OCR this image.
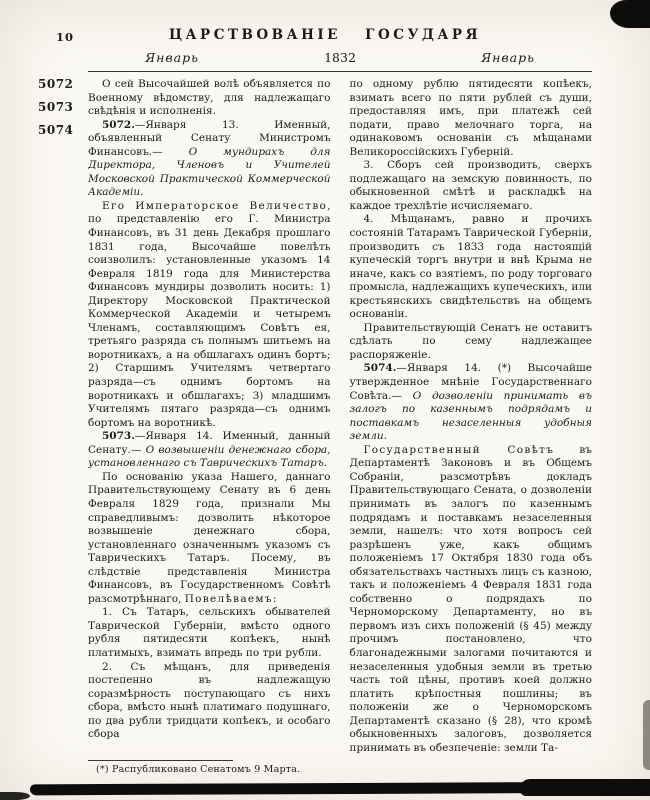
10	ЦАРСТВОВАНІЕ ГОСУДАРЯ
Январь	1832	Январь
5072
5073
5074

О сей Высочайшей волѣ объявляется по Военному вѣдомству, для надлежащаго свѣдѣнія и исполненія.

5072.—Января 13. Именный, объявленный Сенату Министромъ Финансовъ.— О мундирахъ для Директора, Членовъ и Учителей Московской Практической Коммерческой Академіи.

Его Императорское Величество, по представленію его Г. Министра Финансовъ, въ 31 день Декабря прошлаго 1831 года, Высочайше повелѣть соизволилъ: установленные указомъ 14 Февраля 1819 года для Министерства Финансовъ мундиры дозволить носить: 1) Директору Московской Практической Коммерческой Академіи и четыремъ Членамъ, составляющимъ Совѣтъ ея, третьяго разряда съ полнымъ шитьемъ на воротникахъ, а на обшлагахъ одинъ бортъ; 2) Старшимъ Учителямъ четвертаго разряда—съ однимъ бортомъ на воротникахъ и обшлагахъ; 3) младшимъ Учителямъ пятаго разряда—съ однимъ бортомъ на воротникѣ.

5073.—Января 14. Именный, данный Сенату.— О возвышеніи денежнаго сбора, установленнаго съ Таврическихъ Татаръ.

По основанію указа Нашего, даннаго Правительствующему Сенату въ 6 день Февраля 1829 года, признали Мы справедливымъ: дозволить нѣкоторое возвышеніе денежнаго сбора, установленнаго означеннымъ указомъ съ Таврическихъ Татаръ. Посему, въ слѣдствіе представленія Министра Финансовъ, въ Государственномъ Совѣтѣ разсмотрѣннаго, Повелѣваемъ:

1. Съ Татаръ, сельскихъ обывателей Таврической Губерніи, вмѣсто одного рубля пятидесяти копѣекъ, нынѣ платимыхъ, взимать впредь по три рубли.

2. Съ мѣщанъ, для приведенія постепенно въ надлежащую соразмѣрность поступающаго съ нихъ сбора, вмѣсто нынѣ платимаго подушнаго, по два рубли тридцати копѣекъ, и особаго сбора

по одному рублю пятидесяти копѣекъ, взимать всего по пяти рублей съ души, предоставляя имъ, при платежѣ сей подати, право мелочнаго торга, на одинаковомъ основаніи съ мѣщанами Великороссійскихъ Губерній.

3. Сборъ сей производить, сверхъ подлежащаго на земскую повинность, по обыкновенной смѣтѣ и раскладкѣ на каждое трехлѣтіе исчисляемаго.

4. Мѣщанамъ, равно и прочихъ состояній Татарамъ Таврической Губерніи, производить съ 1833 года настоящій купеческій торгъ внутри и внѣ Крыма не иначе, какъ со взятіемъ, по роду торговаго промысла, надлежащихъ купеческихъ, или крестьянскихъ свидѣтельствъ на общемъ основаніи.

Правительствующій Сенатъ не оставитъ сдѣлать по сему надлежащее распоряженіе.

5074.—Января 14. (*) Высочайше утвержденное мнѣніе Государственнаго Совѣта.— О дозволеніи принимать въ залогъ по казеннымъ подрядамъ и поставкамъ незаселенныя удобныя земли.

Государственный Совѣтъ въ Департаментѣ Законовъ и въ Общемъ Собраніи, разсмотрѣвъ докладъ Правительствующаго Сената, о дозволеніи принимать въ залогъ по казеннымъ подрядамъ и поставкамъ незаселенныя земли, нашелъ: что хотя вопросъ сей разрѣшенъ уже, какъ общимъ положеніемъ 17 Октября 1830 года объ обязательствахъ частныхъ лицъ съ казною, такъ и положеніемъ 4 Февраля 1831 года собственно о подрядахъ по Черноморскому Департаменту, но въ первомъ изъ сихъ положеній (§ 45) между прочимъ постановлено, что благонадежными залогами почитаются и незаселенныя удобныя земли въ третью часть той цѣны, противъ коей должно платить крѣпостныя пошлины; въ положеніи же о Черноморскомъ Департаментѣ сказано (§ 28), что кромѣ обыкновенныхъ залоговъ, дозволяется принимать въ обезпеченіе: земли Та-

(*) Распубликовано Сенатомъ 9 Марта.
